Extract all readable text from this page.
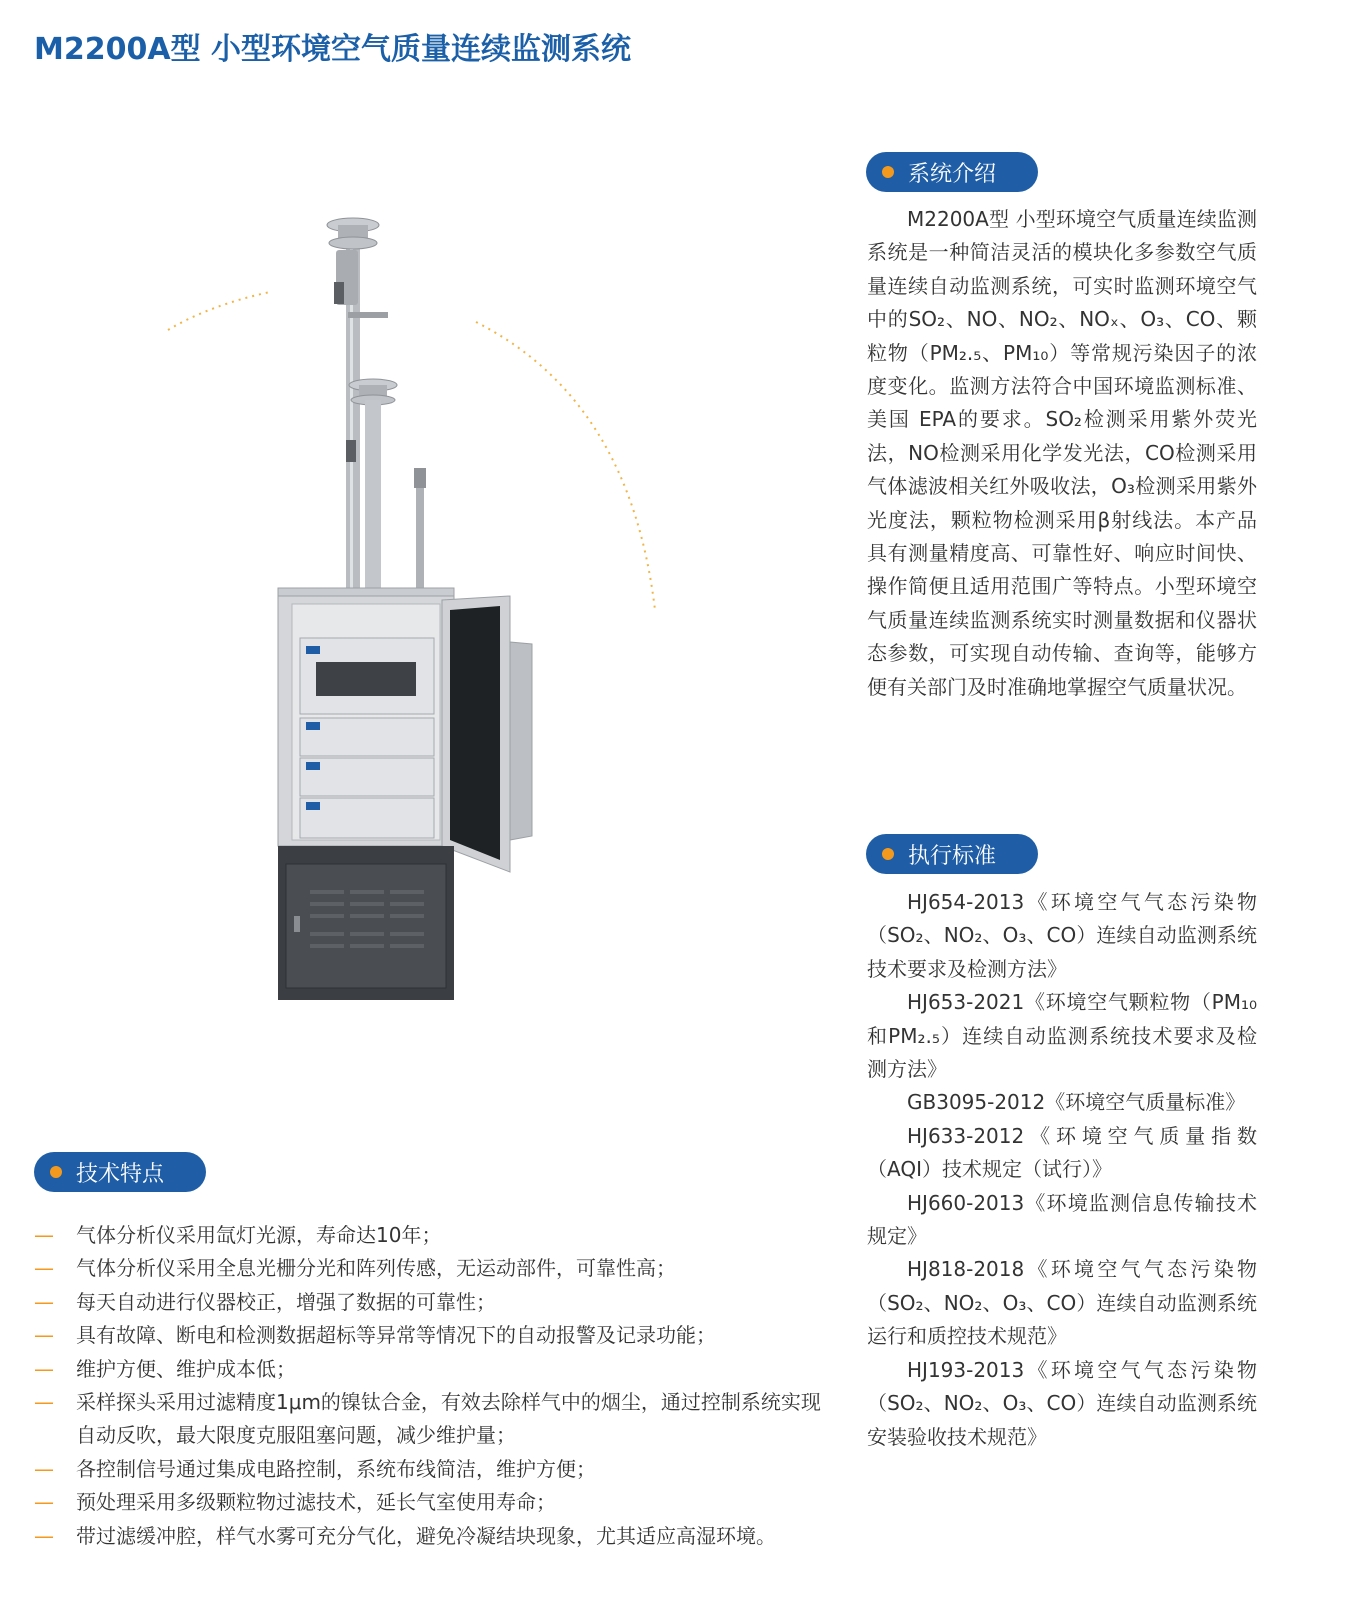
M2200A型 小型环境空气质量连续监测系统
系统介绍

M2200A型 小型环境空气质量连续监测系统是一种简洁灵活的模块化多参数空气质量连续自动监测系统，可实时监测环境空气中的SO₂、NO、NO₂、NOₓ、O₃、CO、颗粒物（PM₂.₅、PM₁₀）等常规污染因子的浓度变化。监测方法符合中国环境监测标准、美国 EPA的要求。SO₂检测采用紫外荧光法，NO检测采用化学发光法，CO检测采用气体滤波相关红外吸收法，O₃检测采用紫外光度法，颗粒物检测采用β射线法。本产品具有测量精度高、可靠性好、响应时间快、操作简便且适用范围广等特点。小型环境空气质量连续监测系统实时测量数据和仪器状态参数，可实现自动传输、查询等，能够方便有关部门及时准确地掌握空气质量状况。

执行标准

HJ654-2013《环境空气气态污染物（SO₂、NO₂、O₃、CO）连续自动监测系统技术要求及检测方法》

HJ653-2021《环境空气颗粒物（PM₁₀和PM₂.₅）连续自动监测系统技术要求及检测方法》

GB3095-2012《环境空气质量标准》

HJ633-2012《环境空气质量指数（AQI）技术规定（试行）》

HJ660-2013《环境监测信息传输技术规定》

HJ818-2018《环境空气气态污染物（SO₂、NO₂、O₃、CO）连续自动监测系统运行和质控技术规范》

HJ193-2013《环境空气气态污染物（SO₂、NO₂、O₃、CO）连续自动监测系统安装验收技术规范》

技术特点
—	气体分析仪采用氙灯光源，寿命达10年；
—	气体分析仪采用全息光栅分光和阵列传感，无运动部件，可靠性高；
—	每天自动进行仪器校正，增强了数据的可靠性；
—	具有故障、断电和检测数据超标等异常等情况下的自动报警及记录功能；
—	维护方便、维护成本低；
—	采样探头采用过滤精度1μm的镍钛合金，有效去除样气中的烟尘，通过控制系统实现自动反吹，最大限度克服阻塞问题，减少维护量；
—	各控制信号通过集成电路控制，系统布线简洁，维护方便；
—	预处理采用多级颗粒物过滤技术，延长气室使用寿命；
—	带过滤缓冲腔，样气水雾可充分气化，避免冷凝结块现象，尤其适应高湿环境。
